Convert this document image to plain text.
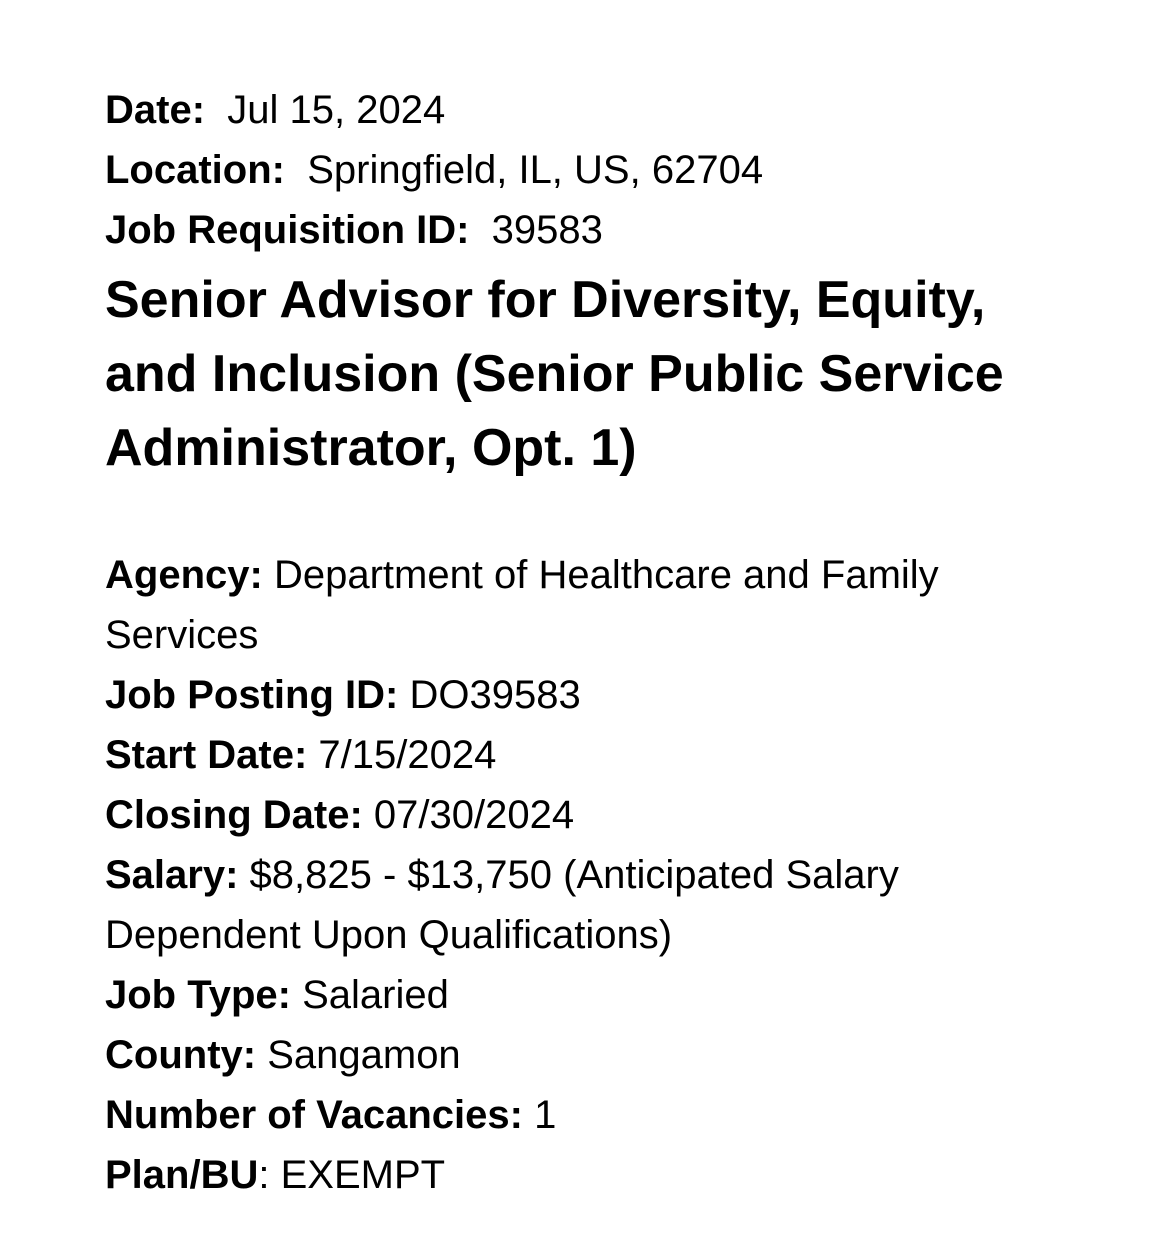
Date: Jul 15, 2024
Location: Springfield, IL, US, 62704
Job Requisition ID: 39583
Senior Advisor for Diversity, Equity, and Inclusion (Senior Public Service Administrator, Opt. 1)
Agency: Department of Healthcare and Family Services
Job Posting ID: DO39583
Start Date: 7/15/2024
Closing Date: 07/30/2024
Salary: $8,825 - $13,750 (Anticipated Salary Dependent Upon Qualifications)
Job Type: Salaried
County: Sangamon
Number of Vacancies: 1
Plan/BU: EXEMPT
